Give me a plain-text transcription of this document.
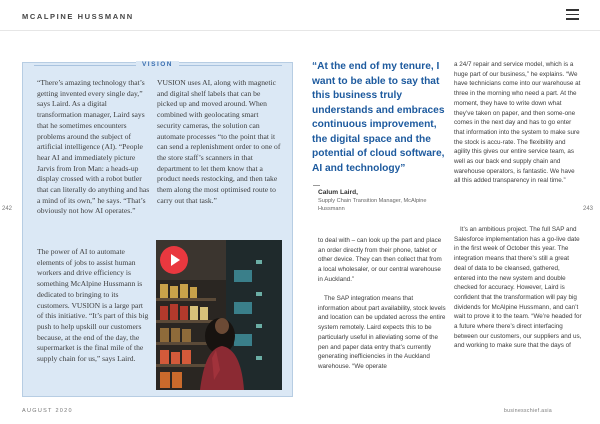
MCALPINE HUSSMANN
VISION
“There’s amazing technology that’s getting invented every single day,” says Laird. As a digital transformation manager, Laird says that he sometimes encounters problems around the subject of artificial intelligence (AI). “People hear AI and immediately picture Jarvis from Iron Man: a heads-up display crossed with a robot butler that can literally do anything and has a mind of its own,” he says. “That’s obviously not how AI operates.”
VUSION uses AI, along with magnetic and digital shelf labels that can be picked up and moved around. When combined with geolocating smart security cameras, the solution can automate processes “to the point that it can send a replenishment order to one of the store staff’s scanners in that department to let them know that a product needs restocking, and then take them along the most optimised route to carry out that task.”
The power of AI to automate elements of jobs to assist human workers and drive efficiency is something McAlpine Hussmann is dedicated to bringing to its customers. VUSION is a large part of this initiative. “It’s part of this big push to help upskill our customers because, at the end of the day, the supermarket is the final mile of the supply chain for us,” says Laird.
“At the end of my tenure, I want to be able to say that this business truly understands and embraces continuous improvement, the digital space and the potential of cloud software, AI and technology”
Calum Laird,
Supply Chain Transition Manager, McAlpine Hussmann
to deal with – can look up the part and place an order directly from their phone, tablet or other device. They can then collect that from a local wholesaler, or our central warehouse in Auckland.”
The SAP integration means that information about part availability, stock levels and location can be updated across the entire system remotely. Laird expects this to be particularly useful in alleviating some of the pen and paper data entry that’s currently generating inefficiencies in the Auckland warehouse. “We operate
a 24/7 repair and service model, which is a huge part of our business,” he explains. “We have technicians come into our warehouse at three in the morning who need a part. At the moment, they have to write down what they’ve taken on paper, and then some-one comes in the next day and has to go enter that information into the system to make sure the stock is accu-rate. The flexibility and agility this gives our entire service team, as well as our back end supply chain and warehouse operators, is fantastic. We have all this added transparency in real time.”
It’s an ambitious project. The full SAP and Salesforce implementation has a go-live date in the first week of October this year. The integration means that there’s still a great deal of data to be cleansed, gathered, entered into the new system and double checked for accuracy. However, Laird is confident that the transformation will pay big dividends for McAlpine Hussmann, and can’t wait to prove it to the team. “We’re headed for a future where there’s direct interfacing between our customers, our suppliers and us, and working to make sure that the days of
242	243
AUGUST 2020	businesschief.asia
